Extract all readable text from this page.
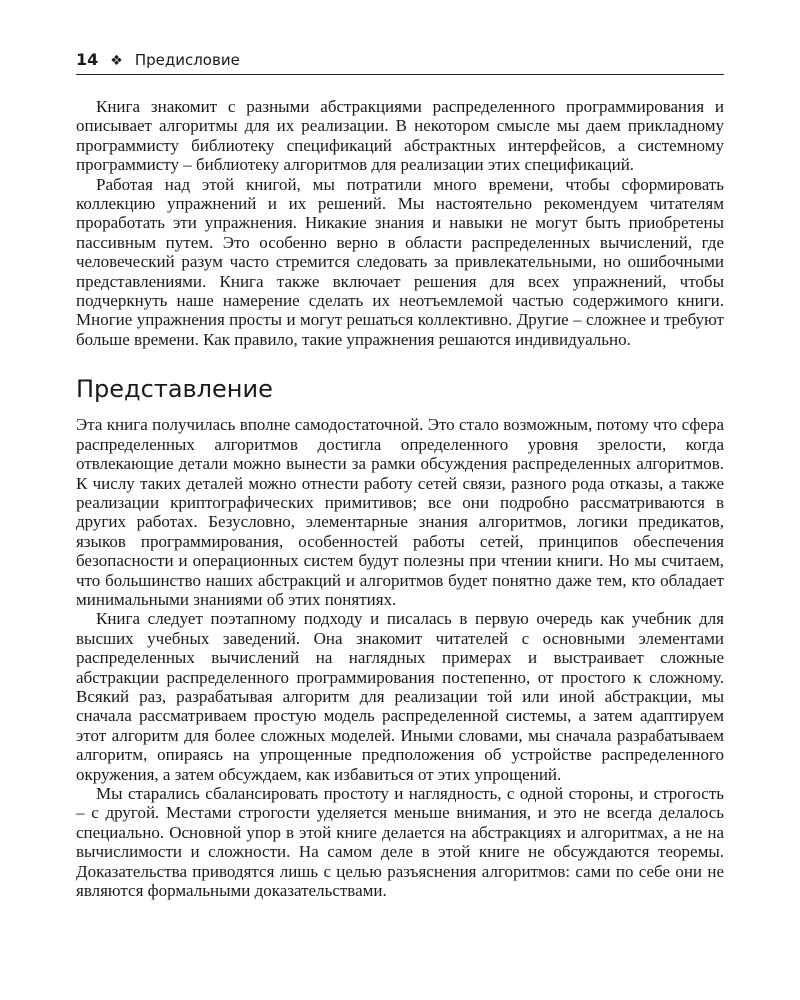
14 ❖ Предисловие

Книга знакомит с разными абстракциями распределенного программирования и описывает алгоритмы для их реализации. В некотором смысле мы даем прикладному программисту библиотеку спецификаций абстрактных интерфейсов, а системному программисту – библиотеку алгоритмов для реализации этих спецификаций.

Работая над этой книгой, мы потратили много времени, чтобы сформировать коллекцию упражнений и их решений. Мы настоятельно рекомендуем читателям проработать эти упражнения. Никакие знания и навыки не могут быть приобретены пассивным путем. Это особенно верно в области распределенных вычислений, где человеческий разум часто стремится следовать за привлекательными, но ошибочными представлениями. Книга также включает решения для всех упражнений, чтобы подчеркнуть наше намерение сделать их неотъемлемой частью содержимого книги. Многие упражнения просты и могут решаться коллективно. Другие – сложнее и требуют больше времени. Как правило, такие упражнения решаются индивидуально.

Представление

Эта книга получилась вполне самодостаточной. Это стало возможным, потому что сфера распределенных алгоритмов достигла определенного уровня зрелости, когда отвлекающие детали можно вынести за рамки обсуждения распределенных алгоритмов. К числу таких деталей можно отнести работу сетей связи, разного рода отказы, а также реализации криптографических примитивов; все они подробно рассматриваются в других работах. Безусловно, элементарные знания алгоритмов, логики предикатов, языков программирования, особенностей работы сетей, принципов обеспечения безопасности и операционных систем будут полезны при чтении книги. Но мы считаем, что большинство наших абстракций и алгоритмов будет понятно даже тем, кто обладает минимальными знаниями об этих понятиях.

Книга следует поэтапному подходу и писалась в первую очередь как учебник для высших учебных заведений. Она знакомит читателей с основными элементами распределенных вычислений на наглядных примерах и выстраивает сложные абстракции распределенного программирования постепенно, от простого к сложному. Всякий раз, разрабатывая алгоритм для реализации той или иной абстракции, мы сначала рассматриваем простую модель распределенной системы, а затем адаптируем этот алгоритм для более сложных моделей. Иными словами, мы сначала разрабатываем алгоритм, опираясь на упрощенные предположения об устройстве распределенного окружения, а затем обсуждаем, как избавиться от этих упрощений.

Мы старались сбалансировать простоту и наглядность, с одной стороны, и строгость – с другой. Местами строгости уделяется меньше внимания, и это не всегда делалось специально. Основной упор в этой книге делается на абстракциях и алгоритмах, а не на вычислимости и сложности. На самом деле в этой книге не обсуждаются теоремы. Доказательства приводятся лишь с целью разъяснения алгоритмов: сами по себе они не являются формальными доказательствами.
